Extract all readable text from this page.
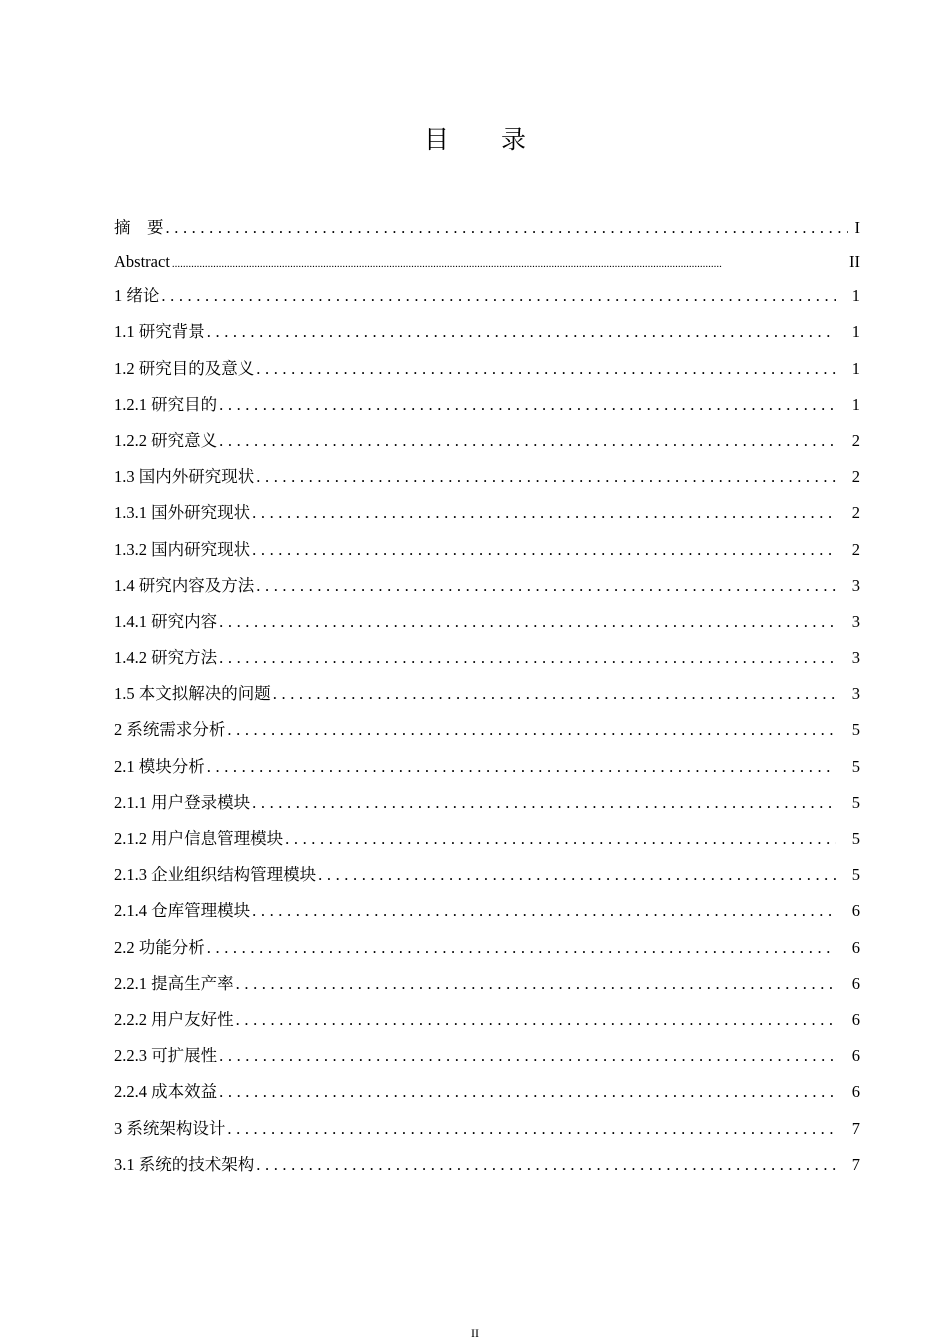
目 录
摘　要 .....	I
Abstract .....	II
1 绪论 .....	1
1.1 研究背景 .....	1
1.2 研究目的及意义 .....	1
1.2.1 研究目的 .....	1
1.2.2 研究意义 .....	2
1.3 国内外研究现状 .....	2
1.3.1 国外研究现状 .....	2
1.3.2 国内研究现状 .....	2
1.4 研究内容及方法 .....	3
1.4.1 研究内容 .....	3
1.4.2 研究方法 .....	3
1.5 本文拟解决的问题 .....	3
2 系统需求分析 .....	5
2.1 模块分析 .....	5
2.1.1 用户登录模块 .....	5
2.1.2 用户信息管理模块 .....	5
2.1.3 企业组织结构管理模块 .....	5
2.1.4 仓库管理模块 .....	6
2.2 功能分析 .....	6
2.2.1 提高生产率 .....	6
2.2.2 用户友好性 .....	6
2.2.3 可扩展性 .....	6
2.2.4 成本效益 .....	6
3 系统架构设计 .....	7
3.1 系统的技术架构 .....	7
II
